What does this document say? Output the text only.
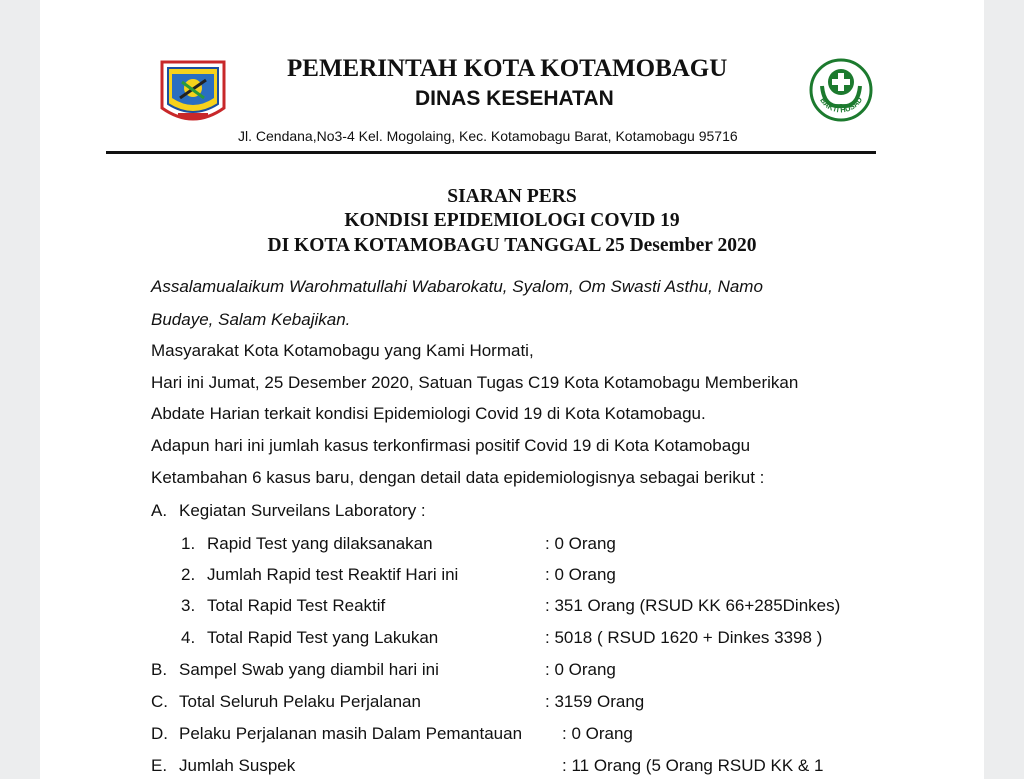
PEMERINTAH KOTA KOTAMOBAGU
DINAS KESEHATAN
Jl. Cendana,No3-4 Kel. Mogolaing, Kec. Kotamobagu Barat, Kotamobagu 95716
BAKTI HUSAD
SIARAN PERS
KONDISI EPIDEMIOLOGI COVID 19
DI KOTA KOTAMOBAGU TANGGAL 25 Desember 2020
Assalamualaikum Warohmatullahi Wabarokatu, Syalom, Om Swasti Asthu, Namo
Budaye, Salam Kebajikan.
Masyarakat Kota Kotamobagu yang Kami Hormati,
Hari ini Jumat, 25 Desember 2020, Satuan Tugas C19 Kota Kotamobagu Memberikan
Abdate Harian terkait kondisi Epidemiologi Covid 19 di Kota Kotamobagu.
Adapun hari ini jumlah kasus terkonfirmasi positif Covid 19 di Kota Kotamobagu
Ketambahan 6 kasus baru, dengan detail data epidemiologisnya sebagai berikut :
A. Kegiatan Surveilans Laboratory :
1. Rapid Test yang dilaksanakan	: 0 Orang
2. Jumlah Rapid test Reaktif Hari ini	: 0 Orang
3. Total Rapid Test Reaktif	: 351 Orang (RSUD KK 66+285Dinkes)
4. Total Rapid Test yang Lakukan	: 5018 ( RSUD 1620 + Dinkes 3398 )
B. Sampel Swab yang diambil hari ini	: 0 Orang
C. Total Seluruh Pelaku Perjalanan	: 3159 Orang
D. Pelaku Perjalanan masih Dalam Pemantauan : 0 Orang
E. Jumlah Suspek	: 11 Orang (5 Orang RSUD KK & 1
